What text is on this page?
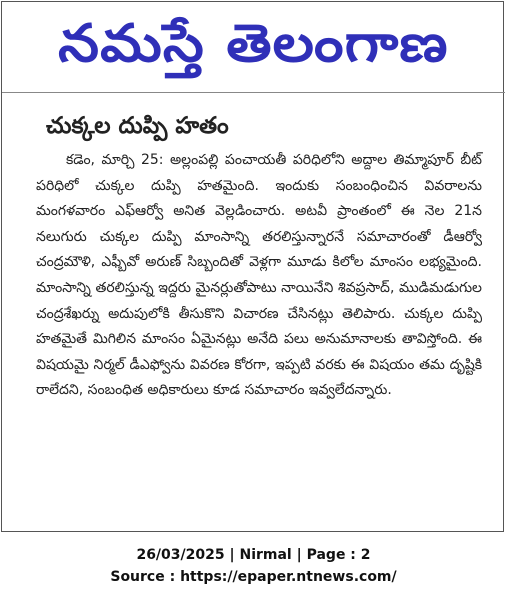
నమస్తే తెలంగాణ
చుక్కల దుప్పి హతం

కడెం, మార్చి 25: అల్లంపల్లి పంచాయతీ పరిధిలోని అద్దాల తిమ్మాపూర్ బీట్ పరిధిలో చుక్కల దుప్పి హతమైంది. ఇందుకు సంబంధించిన వివరాలను మంగళవారం ఎఫ్ఆర్వో అనిత వెల్లడించారు. అటవీ ప్రాంతంలో ఈ నెల 21న నలుగురు చుక్కల దుప్పి మాంసాన్ని తరలిస్తున్నారనే సమాచారంతో డీఆర్వో చంద్రమౌళి, ఎఫ్బీవో అరుణ్ సిబ్బందితో వెళ్లగా మూడు కిలోల మాంసం లభ్యమైంది. మాంసాన్ని తరలిస్తున్న ఇద్దరు మైనర్లుతోపాటు నాయినేని శివప్రసాద్, ముడిమడుగుల చంద్రశేఖర్ను అదుపులోకి తీసుకొని విచారణ చేసినట్లు తెలిపారు. చుక్కల దుప్పి హతమైతే మిగిలిన మాంసం ఏమైనట్లు అనేది పలు అనుమానాలకు తావిస్తోంది. ఈ విషయమై నిర్మల్ డీఎఫ్వోను వివరణ కోరగా, ఇప్పటి వరకు ఈ విషయం తమ దృష్టికి రాలేదని, సంబంధిత అధికారులు కూడ సమాచారం ఇవ్వలేదన్నారు.

26/03/2025 | Nirmal | Page : 2
Source : https://epaper.ntnews.com/
